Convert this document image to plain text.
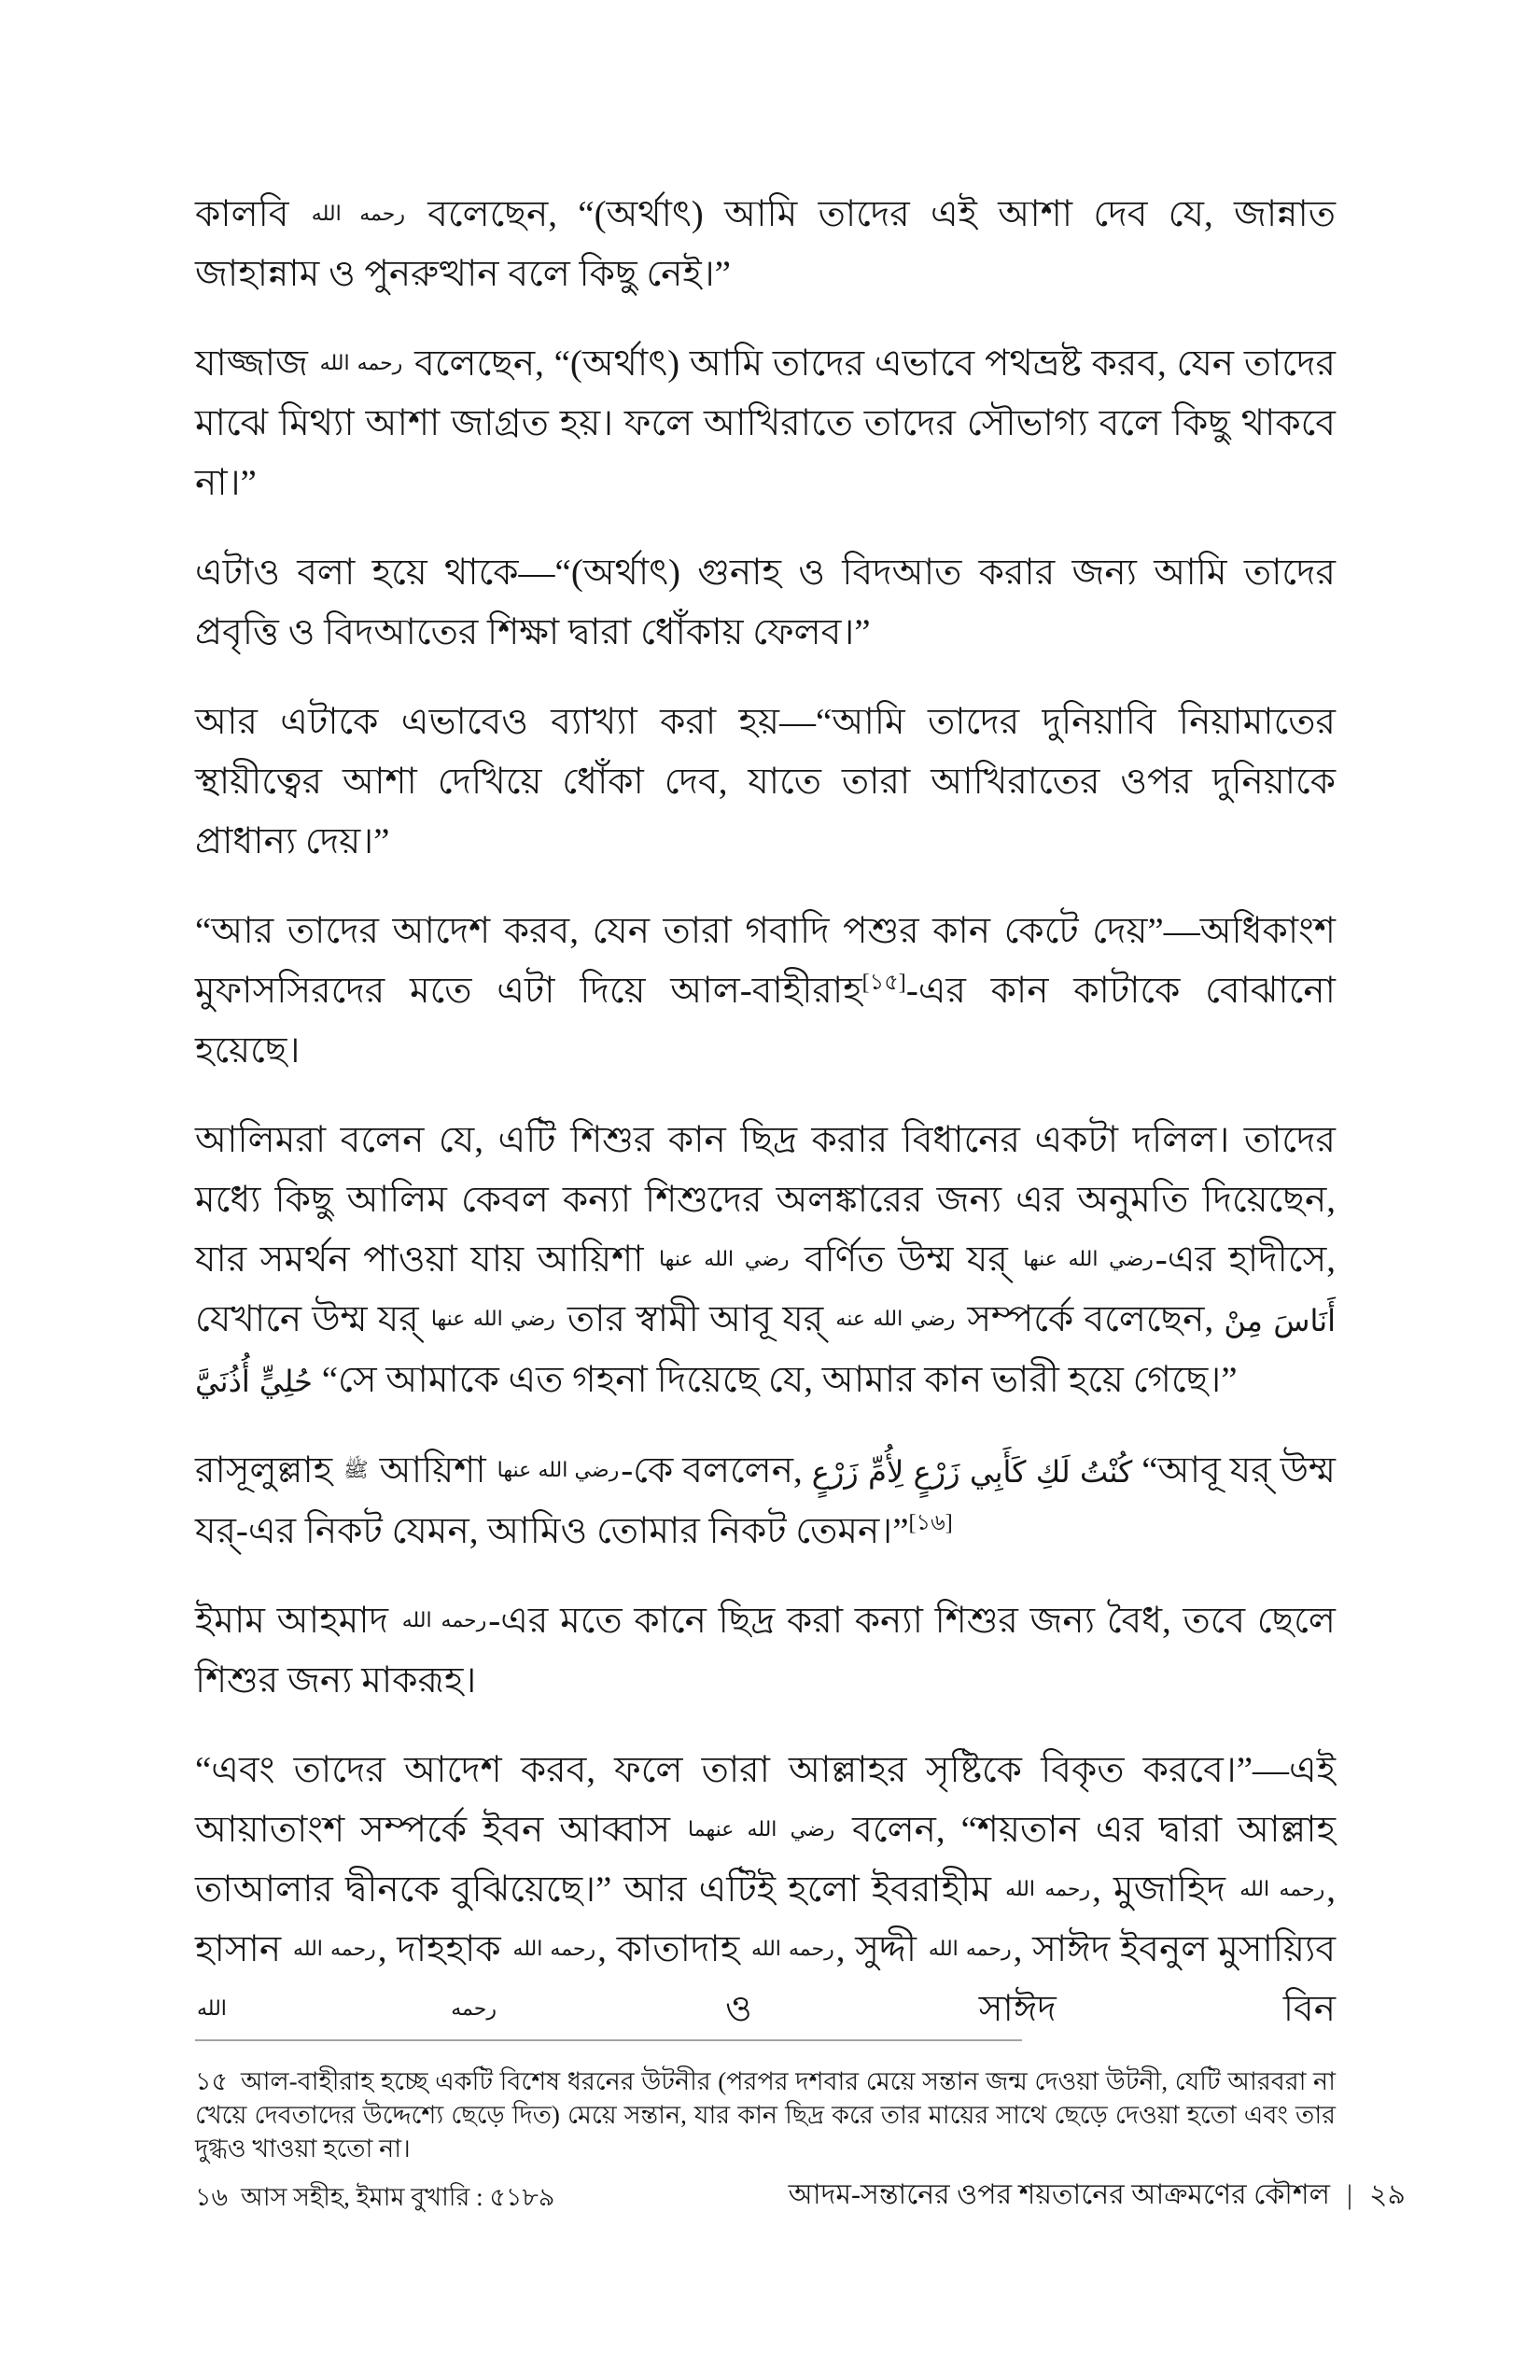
কালবি رحمه الله বলেছেন, “(অর্থাৎ) আমি তাদের এই আশা দেব যে, জান্নাত জাহান্নাম ও পুনরুত্থান বলে কিছু নেই।”

যাজ্জাজ رحمه الله বলেছেন, “(অর্থাৎ) আমি তাদের এভাবে পথভ্রষ্ট করব, যেন তাদের মাঝে মিথ্যা আশা জাগ্রত হয়। ফলে আখিরাতে তাদের সৌভাগ্য বলে কিছু থাকবে না।”

এটাও বলা হয়ে থাকে—“(অর্থাৎ) গুনাহ ও বিদআত করার জন্য আমি তাদের প্রবৃত্তি ও বিদআতের শিক্ষা দ্বারা ধোঁকায় ফেলব।”

আর এটাকে এভাবেও ব্যাখ্যা করা হয়—“আমি তাদের দুনিয়াবি নিয়ামাতের স্থায়ীত্বের আশা দেখিয়ে ধোঁকা দেব, যাতে তারা আখিরাতের ওপর দুনিয়াকে প্রাধান্য দেয়।”

“আর তাদের আদেশ করব, যেন তারা গবাদি পশুর কান কেটে দেয়”—অধিকাংশ মুফাসসিরদের মতে এটা দিয়ে আল-বাহীরাহ[১৫]-এর কান কাটাকে বোঝানো হয়েছে।

আলিমরা বলেন যে, এটি শিশুর কান ছিদ্র করার বিধানের একটা দলিল। তাদের মধ্যে কিছু আলিম কেবল কন্যা শিশুদের অলঙ্কারের জন্য এর অনুমতি দিয়েছেন, যার সমর্থন পাওয়া যায় আয়িশা رضي الله عنها বর্ণিত উম্ম যর্ رضي الله عنها-এর হাদীসে, যেখানে উম্ম যর্ رضي الله عنها তার স্বামী আবূ যর্ رضي الله عنه সম্পর্কে বলেছেন, أَنَاسَ مِنْ حُلِيٍّ أُذُنَيَّ “সে আমাকে এত গহনা দিয়েছে যে, আমার কান ভারী হয়ে গেছে।”

রাসূলুল্লাহ ﷺ আয়িশা رضي الله عنها-কে বললেন, كُنْتُ لَكِ كَأَبِي زَرْعٍ لِأُمِّ زَرْعٍ “আবূ যর্ উম্ম যর্-এর নিকট যেমন, আমিও তোমার নিকট তেমন।”[১৬]

ইমাম আহমাদ رحمه الله-এর মতে কানে ছিদ্র করা কন্যা শিশুর জন্য বৈধ, তবে ছেলে শিশুর জন্য মাকরূহ।

“এবং তাদের আদেশ করব, ফলে তারা আল্লাহর সৃষ্টিকে বিকৃত করবে।”—এই আয়াতাংশ সম্পর্কে ইবন আব্বাস رضي الله عنهما বলেন, “শয়তান এর দ্বারা আল্লাহ তাআলার দ্বীনকে বুঝিয়েছে।” আর এটিই হলো ইবরাহীম رحمه الله, মুজাহিদ رحمه الله, হাসান رحمه الله, দাহহাক رحمه الله, কাতাদাহ رحمه الله, সুদ্দী رحمه الله, সাঈদ ইবনুল মুসায়্যিব رحمه الله ও সাঈদ বিন

১৫ আল-বাহীরাহ হচ্ছে একটি বিশেষ ধরনের উটনীর (পরপর দশবার মেয়ে সন্তান জন্ম দেওয়া উটনী, যেটি আরবরা না খেয়ে দেবতাদের উদ্দেশ্যে ছেড়ে দিত) মেয়ে সন্তান, যার কান ছিদ্র করে তার মায়ের সাথে ছেড়ে দেওয়া হতো এবং তার দুগ্ধও খাওয়া হতো না।

১৬ আস সহীহ, ইমাম বুখারি : ৫১৮৯	আদম-সন্তানের ওপর শয়তানের আক্রমণের কৌশল | ২৯
